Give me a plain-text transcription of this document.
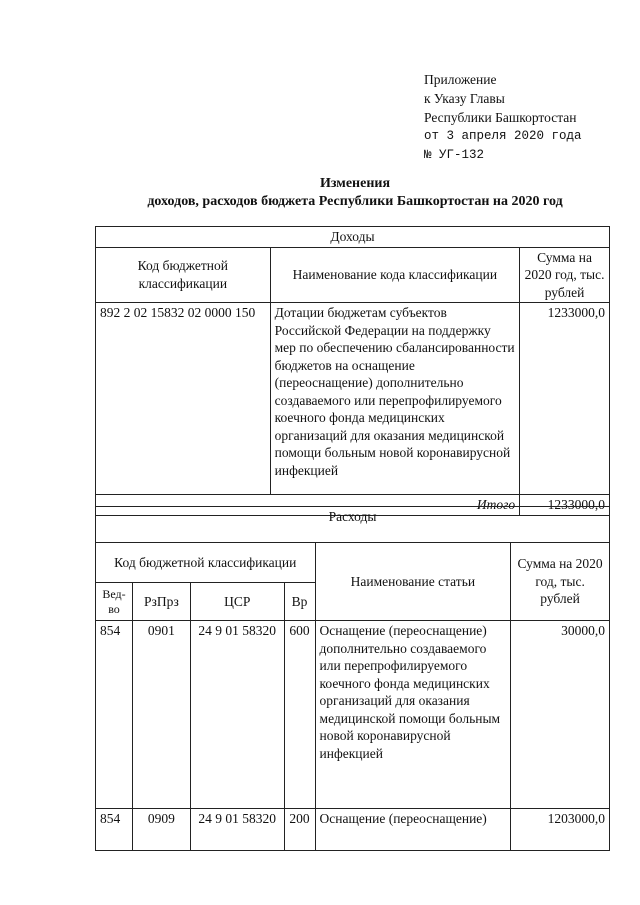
Приложение
к Указу Главы
Республики Башкортостан
от 3 апреля 2020 года
№ УГ-132
Изменения
доходов, расходов бюджета Республики Башкортостан на 2020 год
Доходы		
Код бюджетной классификации	Наименование кода классификации	Сумма на 2020 год, тыс. рублей
892 2 02 15832 02 0000 150	Дотации бюджетам субъектов Российской Федерации на поддержку мер по обеспечению сбалансированности бюджетов на оснащение (переоснащение) дополнительно создаваемого или перепрофилируемого коечного фонда медицинских организаций для оказания медицинской помощи больным новой коронавирусной инфекцией	1233000,0
Итого		1233000,0
Расходы					
Код бюджетной классификации				Наименование статьи	Сумма на 2020 год, тыс. рублей
Вед-во	РзПрз	ЦСР	Вр		
854	0901	24 9 01 58320	600	Оснащение (переоснащение) дополнительно создаваемого или перепрофилируемого коечного фонда медицинских организаций для оказания медицинской помощи больным новой коронавирусной инфекцией	30000,0
854	0909	24 9 01 58320	200	Оснащение (переоснащение)	1203000,0
